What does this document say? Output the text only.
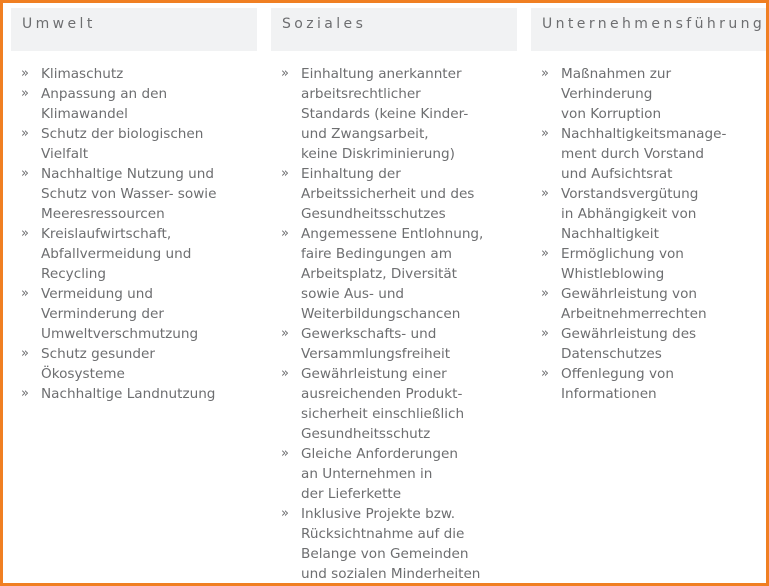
Umwelt
» Klimaschutz
» Anpassung an den
Klimawandel
» Schutz der biologischen
Vielfalt
» Nachhaltige Nutzung und
Schutz von Wasser- sowie
Meeresressourcen
» Kreislaufwirtschaft,
Abfallvermeidung und
Recycling
» Vermeidung und
Verminderung der
Umweltverschmutzung
» Schutz gesunder
Ökosysteme
» Nachhaltige Landnutzung
Soziales
» Einhaltung anerkannter
arbeitsrechtlicher
Standards (keine Kinder-
und Zwangsarbeit,
keine Diskriminierung)
» Einhaltung der
Arbeitssicherheit und des
Gesundheitsschutzes
» Angemessene Entlohnung,
faire Bedingungen am
Arbeitsplatz, Diversität
sowie Aus- und
Weiterbildungschancen
» Gewerkschafts- und
Versammlungsfreiheit
» Gewährleistung einer
ausreichenden Produkt-
sicherheit einschließlich
Gesundheitsschutz
» Gleiche Anforderungen
an Unternehmen in
der Lieferkette
» Inklusive Projekte bzw.
Rücksichtnahme auf die
Belange von Gemeinden
und sozialen Minderheiten
Unternehmensführung
» Maßnahmen zur
Verhinderung
von Korruption
» Nachhaltigkeitsmanage-
ment durch Vorstand
und Aufsichtsrat
» Vorstandsvergütung
in Abhängigkeit von
Nachhaltigkeit
» Ermöglichung von
Whistleblowing
» Gewährleistung von
Arbeitnehmerrechten
» Gewährleistung des
Datenschutzes
» Offenlegung von
Informationen
